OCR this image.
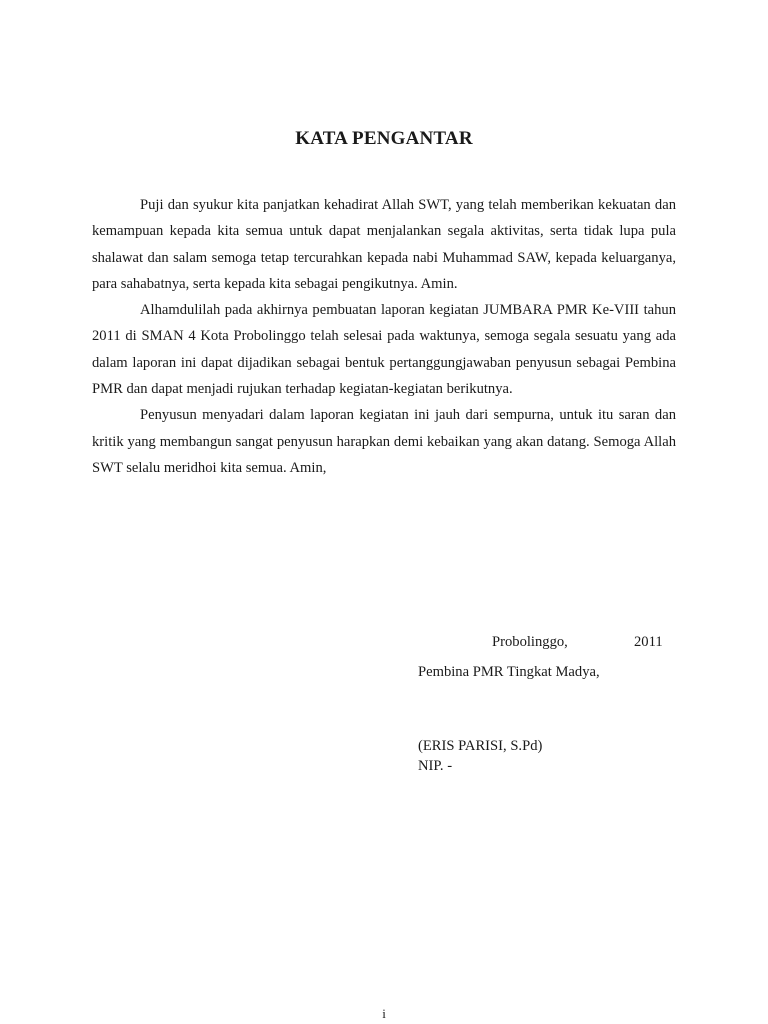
KATA PENGANTAR

Puji dan syukur kita panjatkan kehadirat Allah SWT, yang telah memberikan kekuatan dan kemampuan kepada kita semua untuk dapat menjalankan segala aktivitas, serta tidak lupa pula shalawat dan salam semoga tetap tercurahkan kepada nabi Muhammad SAW, kepada keluarganya, para sahabatnya, serta kepada kita sebagai pengikutnya. Amin.

Alhamdulilah pada akhirnya pembuatan laporan kegiatan JUMBARA PMR Ke-VIII tahun 2011 di SMAN 4 Kota Probolinggo telah selesai pada waktunya, semoga segala sesuatu yang ada dalam laporan ini dapat dijadikan sebagai bentuk pertanggungjawaban penyusun sebagai Pembina PMR dan dapat menjadi rujukan terhadap kegiatan-kegiatan berikutnya.

Penyusun menyadari dalam laporan kegiatan ini jauh dari sempurna, untuk itu saran dan kritik yang membangun sangat penyusun harapkan demi kebaikan yang akan datang. Semoga Allah SWT selalu meridhoi kita semua. Amin,

Probolinggo,	2011
Pembina PMR Tingkat Madya,
(ERIS PARISI, S.Pd)
NIP. -
i
